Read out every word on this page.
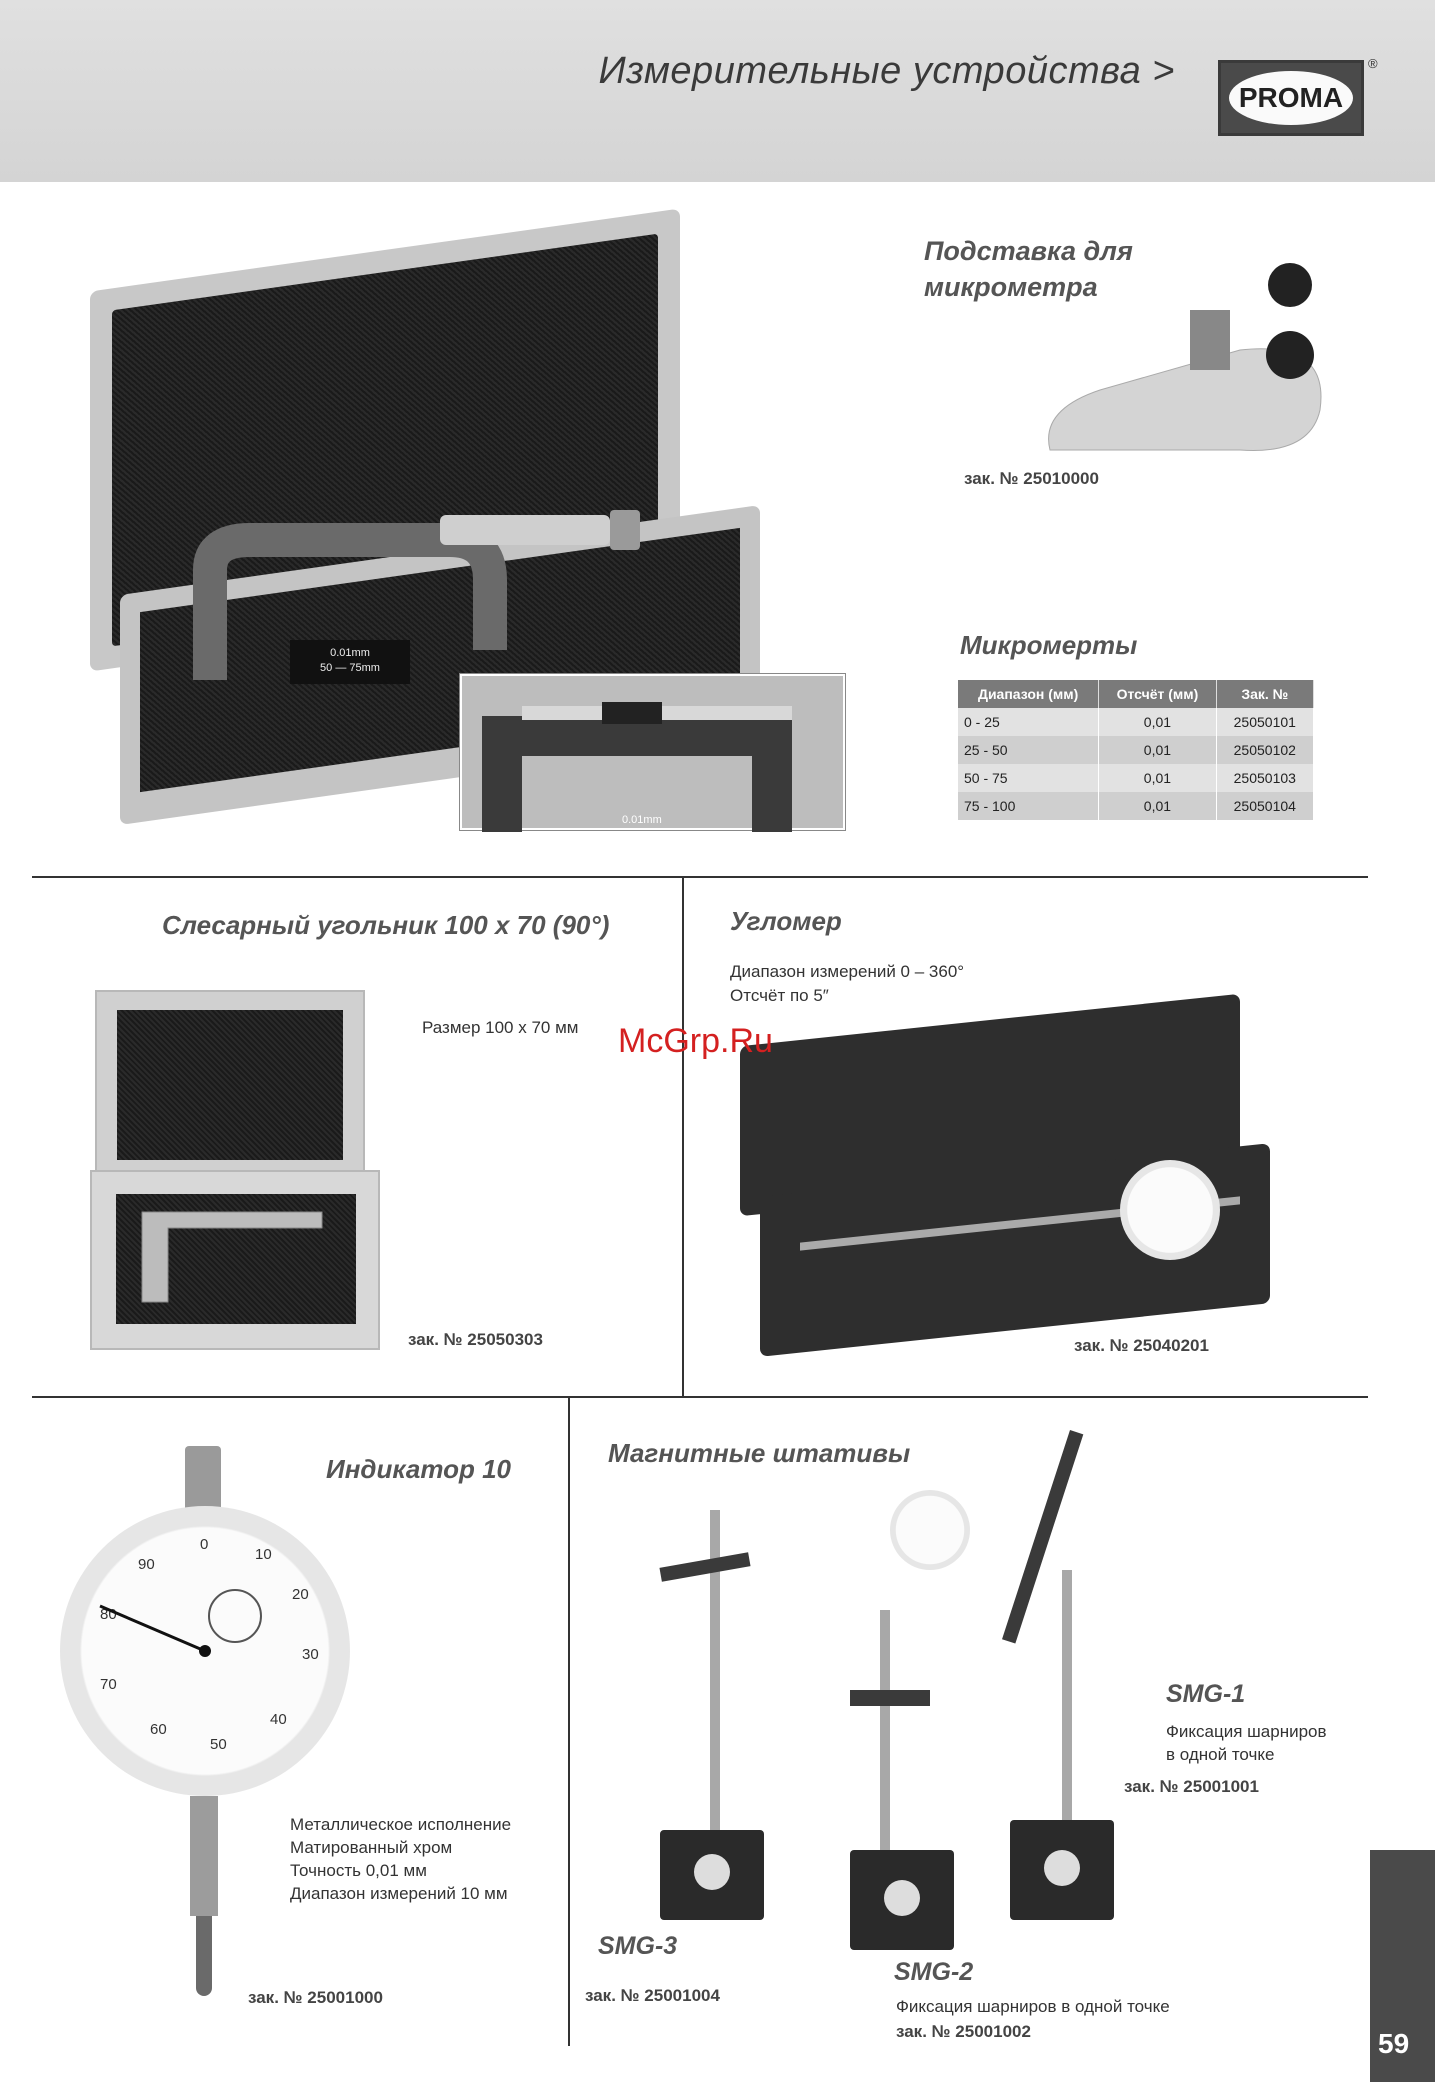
Измерительные устройства >
PROMA
®
0.01mm
50 — 75mm
0.01mm
Подставка для
микрометра
зак. № 25010000
Микромерты
Диапазон (мм)	Отсчёт (мм)	Зак. №
0 - 25	0,01	25050101
25 - 50	0,01	25050102
50 - 75	0,01	25050103
75 - 100	0,01	25050104
Слесарный угольник 100 x 70 (90°)
Размер 100 x 70 мм
зак. № 25050303
Угломер
Диапазон измерений 0 – 360°
Отсчёт по 5″
McGrp.Ru
зак. № 25040201
Индикатор 10
0
10
20
30
40
50
60
70
80
90
Металлическое исполнение
Матированный хром
Точность 0,01 мм
Диапазон измерений 10 мм
зак. № 25001000
Магнитные штативы
SMG-3
зак. № 25001004
SMG-2
Фиксация шарниров в одной точке
зак. № 25001002
SMG-1
Фиксация шарниров
в одной точке
зак. № 25001001
59
